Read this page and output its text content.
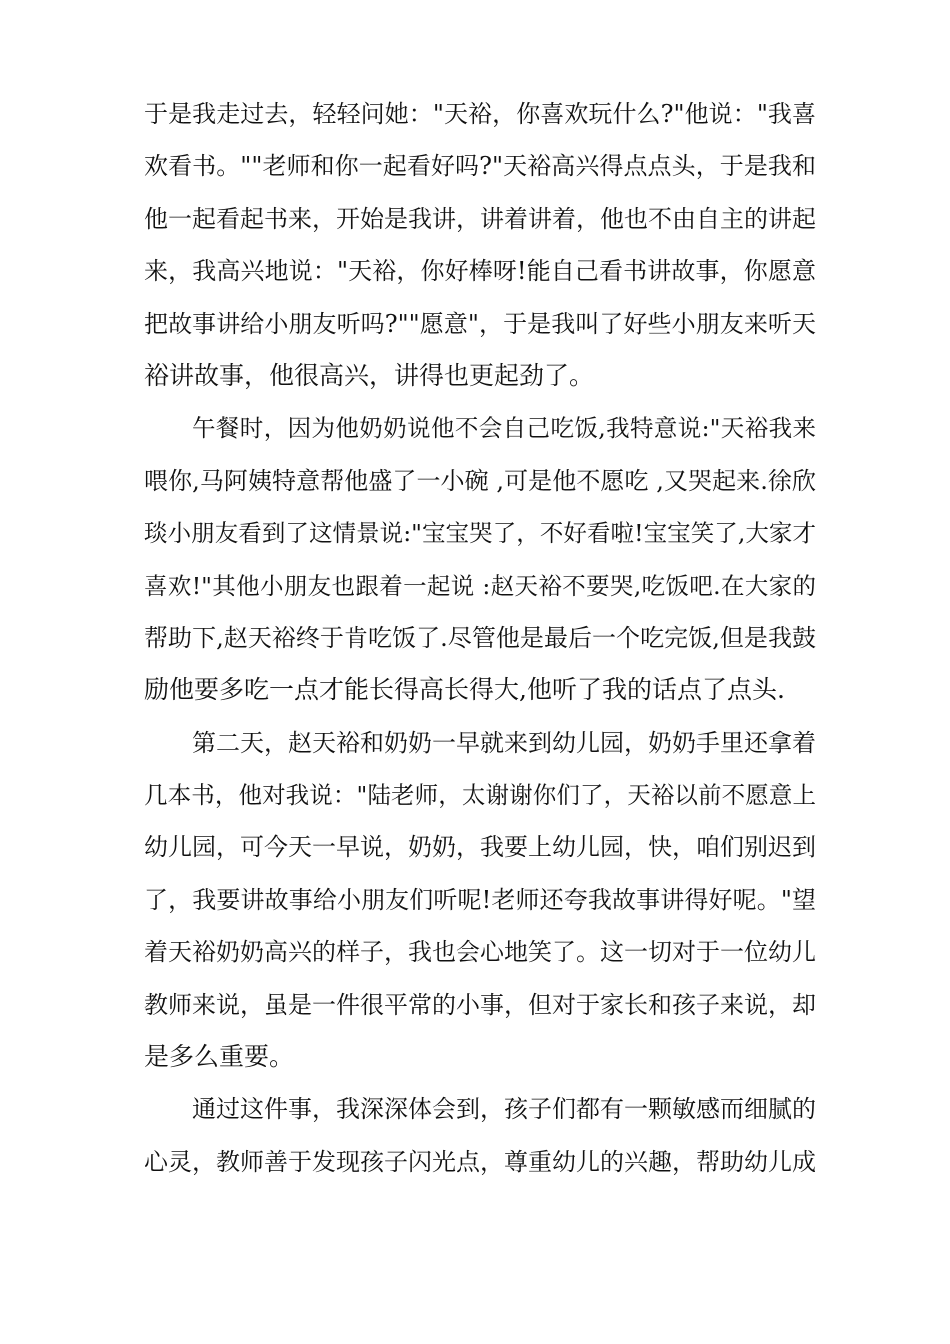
于是我走过去，轻轻问她："天裕，你喜欢玩什么?"他说："我喜
欢看书。""老师和你一起看好吗?"天裕高兴得点点头，于是我和
他一起看起书来，开始是我讲，讲着讲着，他也不由自主的讲起
来，我高兴地说："天裕，你好棒呀!能自己看书讲故事，你愿意
把故事讲给小朋友听吗?""愿意"，于是我叫了好些小朋友来听天
裕讲故事，他很高兴，讲得也更起劲了。
午餐时，因为他奶奶说他不会自己吃饭,我特意说:"天裕我来
喂你,马阿姨特意帮他盛了一小碗 ,可是他不愿吃 ,又哭起来.徐欣
琰小朋友看到了这情景说:"宝宝哭了，不好看啦!宝宝笑了,大家才
喜欢!"其他小朋友也跟着一起说 :赵天裕不要哭,吃饭吧.在大家的
帮助下,赵天裕终于肯吃饭了.尽管他是最后一个吃完饭,但是我鼓
励他要多吃一点才能长得高长得大,他听了我的话点了点头.
第二天，赵天裕和奶奶一早就来到幼儿园，奶奶手里还拿着
几本书，他对我说："陆老师，太谢谢你们了，天裕以前不愿意上
幼儿园，可今天一早说，奶奶，我要上幼儿园，快，咱们别迟到
了，我要讲故事给小朋友们听呢!老师还夸我故事讲得好呢。"望
着天裕奶奶高兴的样子，我也会心地笑了。这一切对于一位幼儿
教师来说，虽是一件很平常的小事，但对于家长和孩子来说，却
是多么重要。
通过这件事，我深深体会到，孩子们都有一颗敏感而细腻的
心灵，教师善于发现孩子闪光点，尊重幼儿的兴趣，帮助幼儿成
